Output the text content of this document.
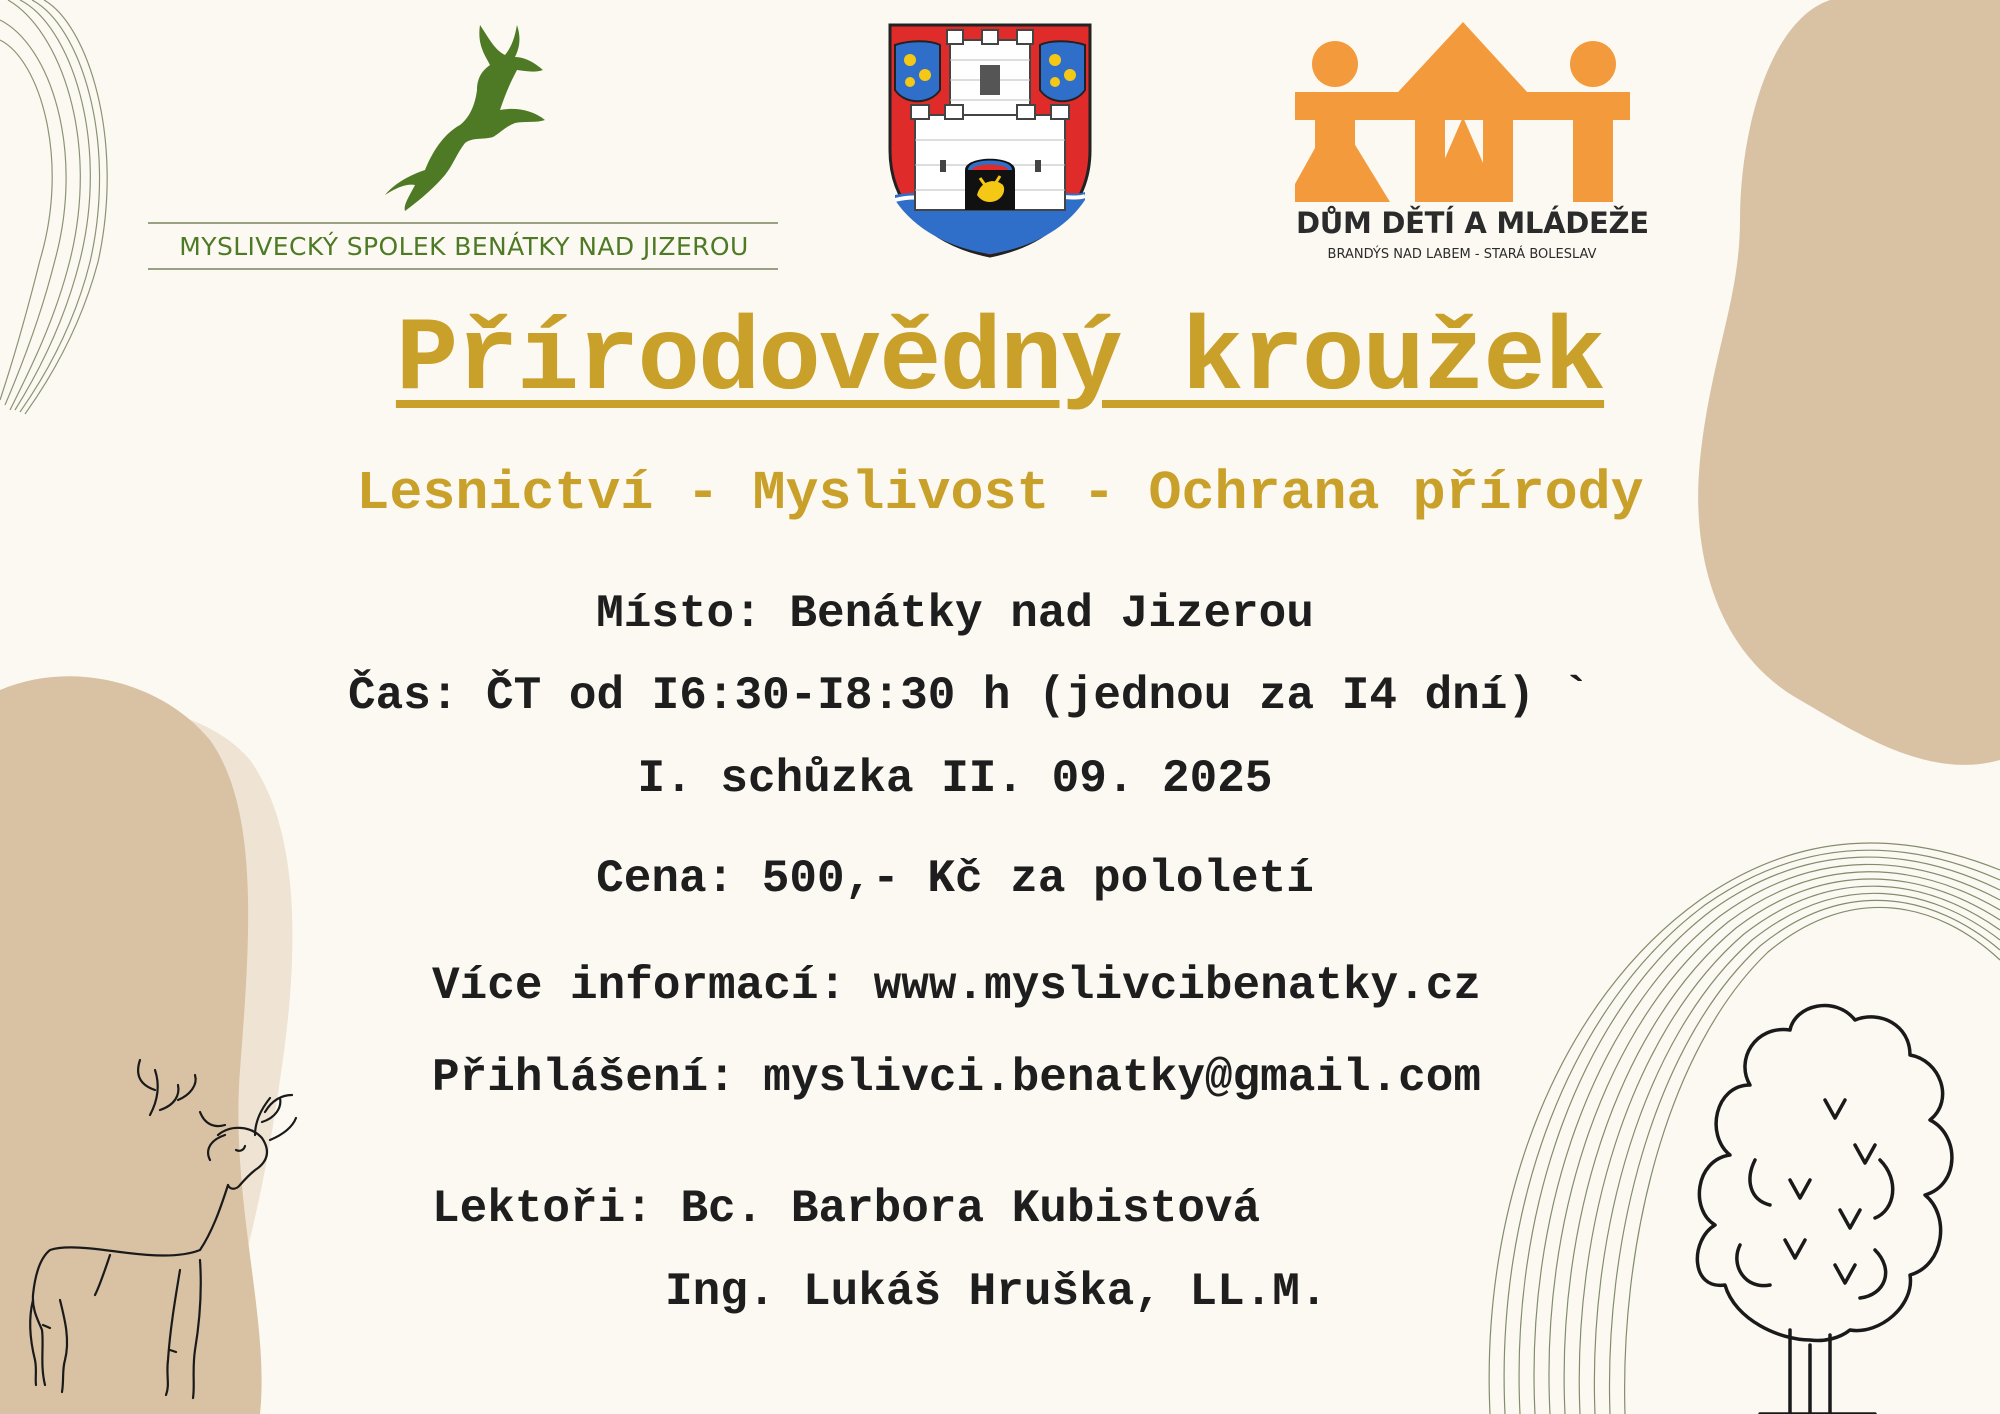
MYSLIVECKÝ SPOLEK BENÁTKY NAD JIZEROU
DŮM DĚTÍ A MLÁDEŽE
BRANDÝS NAD LABEM - STARÁ BOLESLAV
Přírodovědný kroužek
Lesnictví - Myslivost - Ochrana přírody
Místo: Benátky nad Jizerou
Čas: ČT od I6:30-I8:30 h (jednou za I4 dní) `
I. schůzka II. 09. 2025
Cena: 500,- Kč za pololetí
Více informací: www.myslivcibenatky.cz
Přihlášení: myslivci.benatky@gmail.com
Lektoři: Bc. Barbora Kubistová
Ing. Lukáš Hruška, LL.M.
